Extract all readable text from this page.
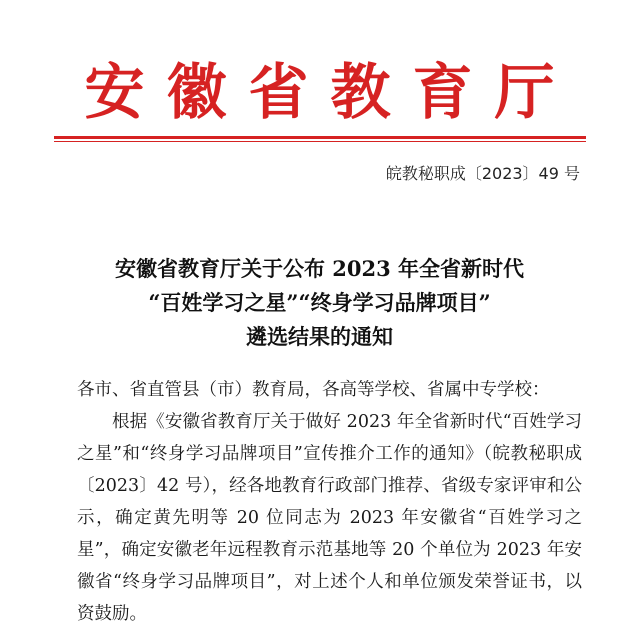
安徽省教育厅
皖教秘职成〔2023〕49 号
安徽省教育厅关于公布 2023 年全省新时代
“百姓学习之星”“终身学习品牌项目”
遴选结果的通知

各市、省直管县（市）教育局，各高等学校、省属中专学校：

根据《安徽省教育厅关于做好 2023 年全省新时代“百姓学习之星”和“终身学习品牌项目”宣传推介工作的通知》（皖教秘职成〔2023〕42 号），经各地教育行政部门推荐、省级专家评审和公示，确定黄先明等 20 位同志为 2023 年安徽省“百姓学习之星”，确定安徽老年远程教育示范基地等 20 个单位为 2023 年安徽省“终身学习品牌项目”，对上述个人和单位颁发荣誉证书，以资鼓励。
